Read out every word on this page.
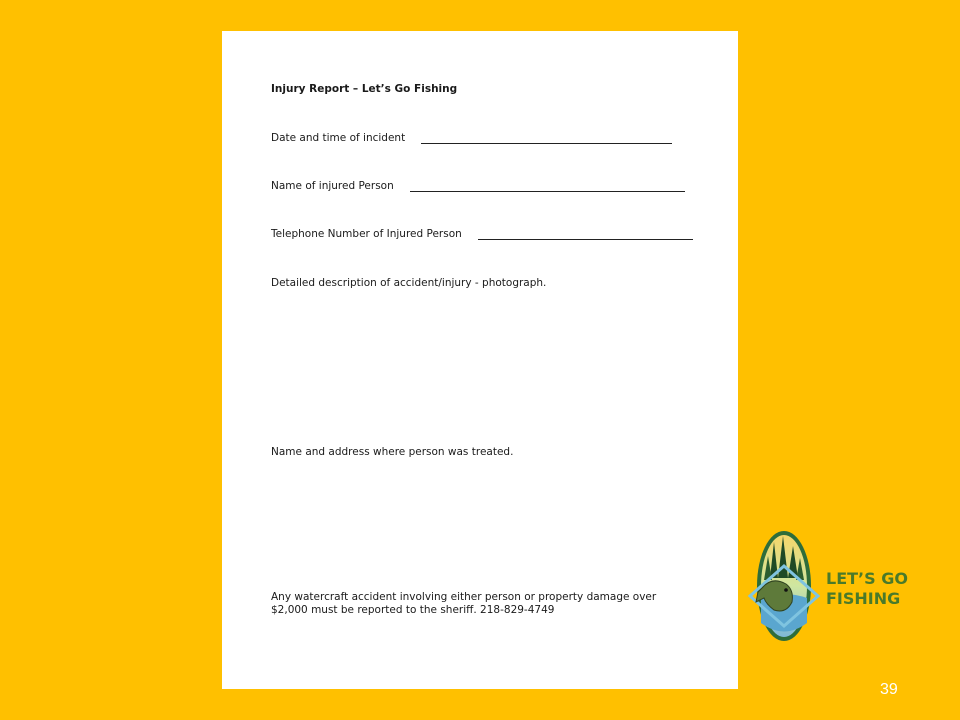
Injury Report – Let’s Go Fishing
Date and time of incident
Name of injured Person
Telephone Number of Injured Person
Detailed description of accident/injury - photograph.
Name and address where person was treated.
Any watercraft accident involving either person or property damage over
$2,000 must be reported to the sheriff. 218-829-4749
LET’S GO
FISHING
39
